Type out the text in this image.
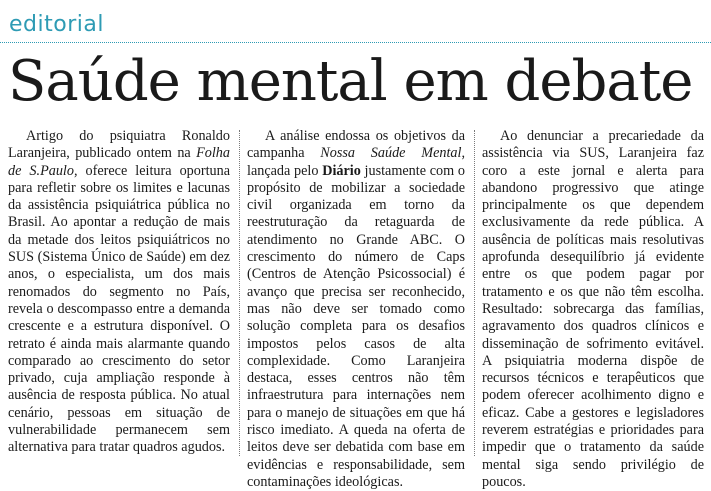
editorial
Saúde mental em debate

Artigo do psiquiatra Ronaldo Laranjeira, publicado ontem na Folha de S.Paulo, oferece leitura oportuna para refletir sobre os limites e lacunas da assistência psiquiátrica pública no Brasil. Ao apontar a redução de mais da metade dos leitos psiquiátricos no SUS (Sistema Único de Saúde) em dez anos, o especialista, um dos mais renomados do segmento no País, revela o descompasso entre a demanda crescente e a estrutura disponível. O retrato é ainda mais alarmante quando comparado ao crescimento do setor privado, cuja ampliação responde à ausência de resposta pública. No atual cenário, pessoas em situação de vulnerabilidade permanecem sem alternativa para tratar quadros agudos.

A análise endossa os objetivos da campanha Nossa Saúde Mental, lançada pelo Diário justamente com o propósito de mobilizar a sociedade civil organizada em torno da reestruturação da retaguarda de atendimento no Grande ABC. O crescimento do número de Caps (Centros de Atenção Psicossocial) é avanço que precisa ser reconhecido, mas não deve ser tomado como solução completa para os desafios impostos pelos casos de alta complexidade. Como Laranjeira destaca, esses centros não têm infraestrutura para internações nem para o manejo de situações em que há risco imediato. A queda na oferta de leitos deve ser debatida com base em evidências e responsabilidade, sem contaminações ideológicas.

Ao denunciar a precariedade da assistência via SUS, Laranjeira faz coro a este jornal e alerta para abandono progressivo que atinge principalmente os que dependem exclusivamente da rede pública. A ausência de políticas mais resolutivas aprofunda desequilíbrio já evidente entre os que podem pagar por tratamento e os que não têm escolha. Resultado: sobrecarga das famílias, agravamento dos quadros clínicos e disseminação de sofrimento evitável. A psiquiatria moderna dispõe de recursos técnicos e terapêuticos que podem oferecer acolhimento digno e eficaz. Cabe a gestores e legisladores reverem estratégias e prioridades para impedir que o tratamento da saúde mental siga sendo privilégio de poucos.
